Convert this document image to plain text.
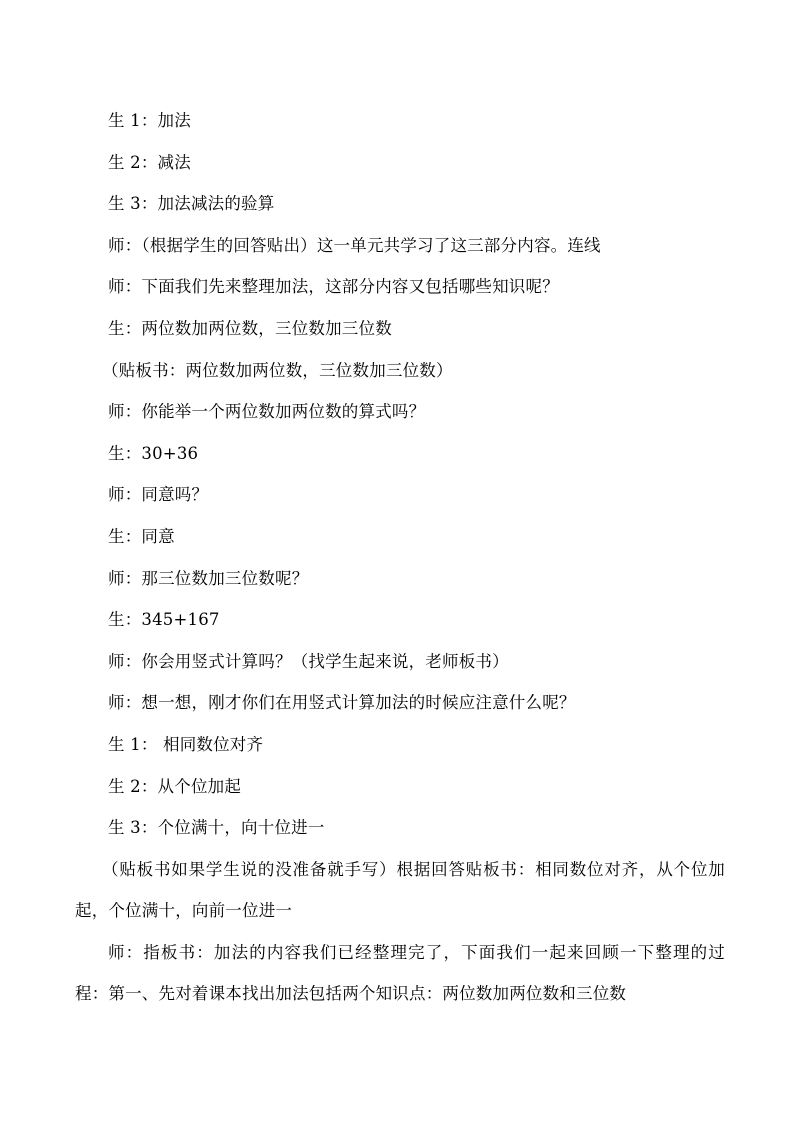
生 1：加法
生 2：减法
生 3：加法减法的验算
师：（根据学生的回答贴出）这一单元共学习了这三部分内容。连线
师：下面我们先来整理加法，这部分内容又包括哪些知识呢？
生：两位数加两位数，三位数加三位数
（贴板书：两位数加两位数，三位数加三位数）
师：你能举一个两位数加两位数的算式吗？
生：30+36
师：同意吗？
生：同意
师：那三位数加三位数呢？
生：345+167
师：你会用竖式计算吗？（找学生起来说，老师板书）
师：想一想，刚才你们在用竖式计算加法的时候应注意什么呢？
生 1： 相同数位对齐
生 2：从个位加起
生 3：个位满十，向十位进一
（贴板书如果学生说的没准备就手写）根据回答贴板书：相同数位对齐，从个位加起，个位满十，向前一位进一
师：指板书：加法的内容我们已经整理完了，下面我们一起来回顾一下整理的过程：第一、先对着课本找出加法包括两个知识点：两位数加两位数和三位数
